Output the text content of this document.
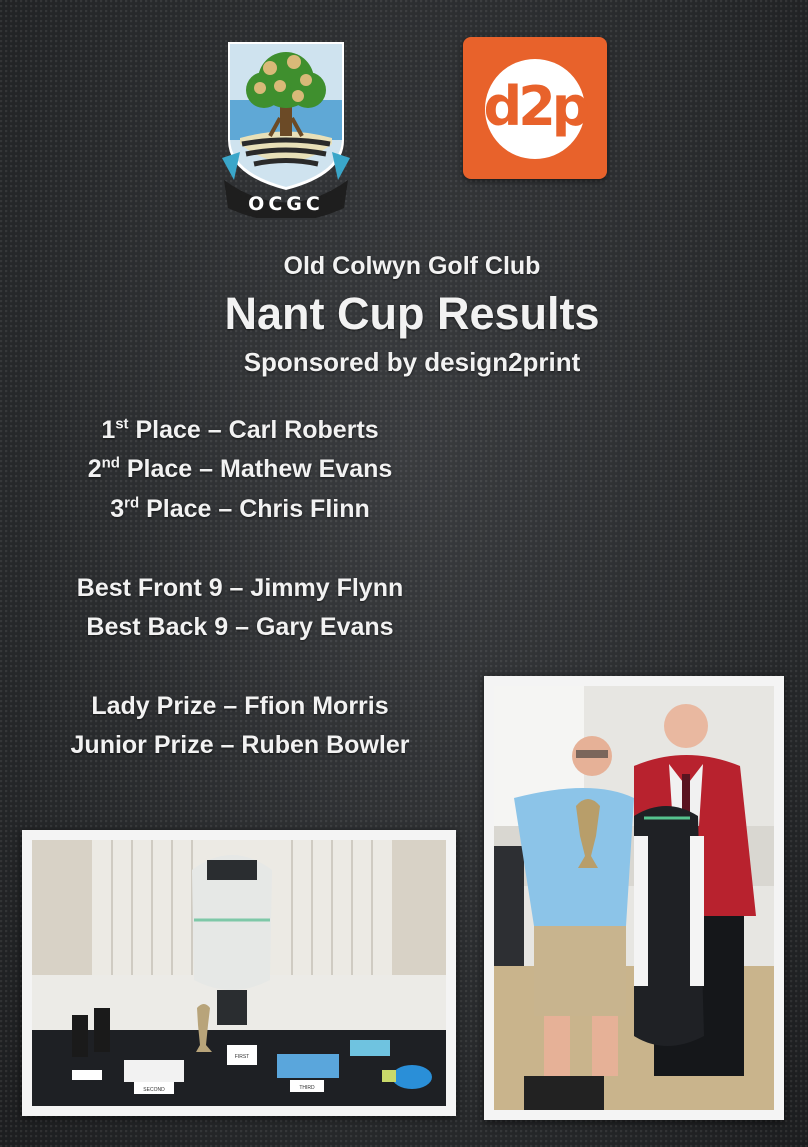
OCGC
d2p
Old Colwyn Golf Club
Nant Cup Results
Sponsored by design2print
1st Place – Carl Roberts
2nd Place – Mathew Evans
3rd Place – Chris Flinn
Best Front 9 – Jimmy Flynn
Best Back 9 – Gary Evans
Lady Prize – Ffion Morris
Junior Prize – Ruben Bowler
FIRST
SECOND	THIRD
